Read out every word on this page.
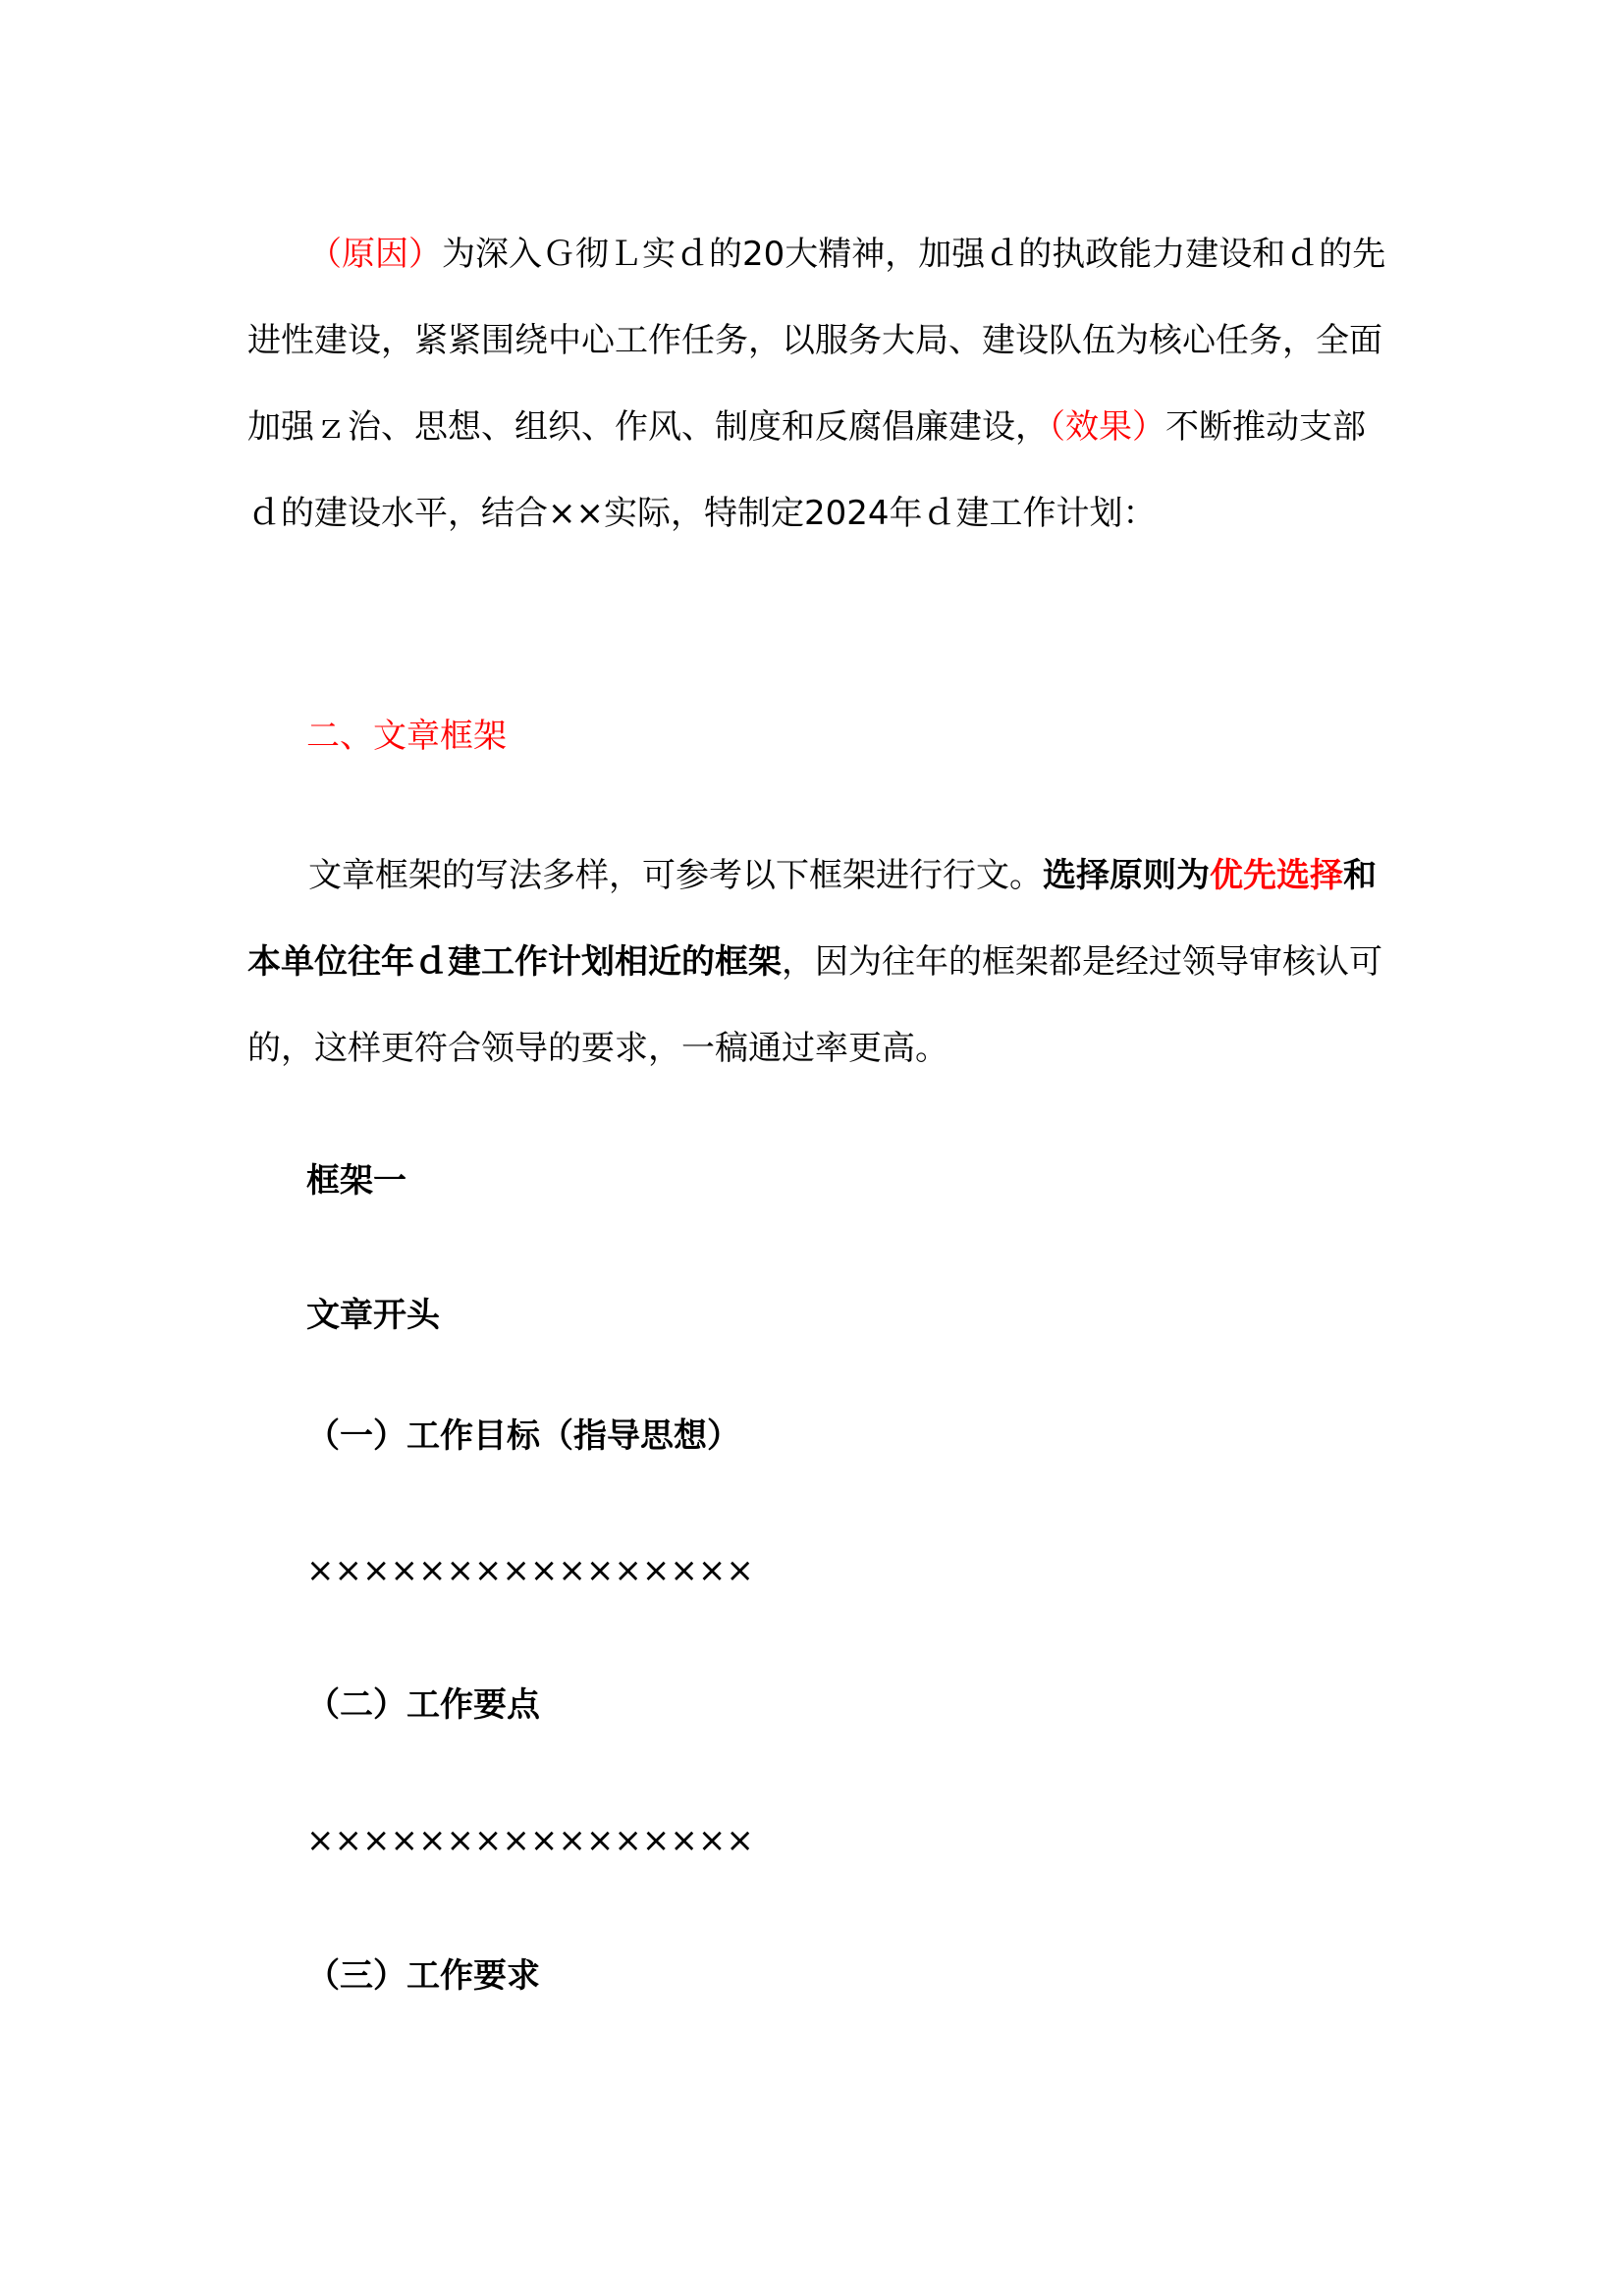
（原因）为深入Ｇ彻Ｌ实ｄ的20大精神，加强ｄ的执政能力建设和ｄ的先进性建设，紧紧围绕中心工作任务，以服务大局、建设队伍为核心任务，全面加强ｚ治、思想、组织、作风、制度和反腐倡廉建设，（效果）不断推动支部ｄ的建设水平，结合××实际，特制定2024年ｄ建工作计划：

二、文章框架

文章框架的写法多样，可参考以下框架进行行文。选择原则为优先选择和本单位往年ｄ建工作计划相近的框架，因为往年的框架都是经过领导审核认可的，这样更符合领导的要求，一稿通过率更高。

框架一

文章开头

（一）工作目标（指导思想）

××××××××××××××××

（二）工作要点

××××××××××××××××

（三）工作要求
